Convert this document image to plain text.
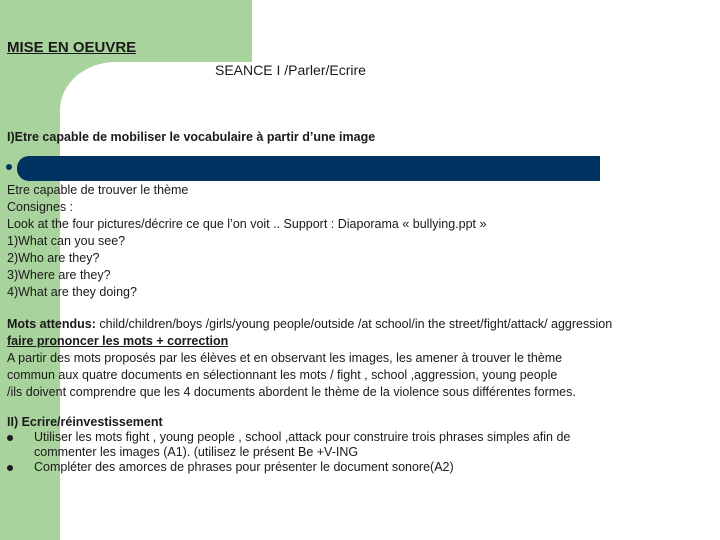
MISE EN OEUVRE
SEANCE I /Parler/Ecrire
I)Etre capable de mobiliser le vocabulaire à partir d’une image
Etre capable de trouver le thème
Consignes :
Look at the four pictures/décrire ce que l’on voit .. Support : Diaporama « bullying.ppt »
1)What can you see?
2)Who are they?
3)Where are they?
4)What are they doing?
Mots attendus: child/children/boys /girls/young people/outside /at school/in the street/fight/attack/ aggression
faire prononcer les mots + correction
A partir des mots proposés par les élèves et en observant les images, les amener à trouver le thème
commun aux quatre documents en sélectionnant les mots / fight , school ,aggression, young people
/ils doivent comprendre que les 4 documents abordent le thème de la violence sous différentes formes.
II) Ecrire/réinvestissement
Utiliser les mots fight , young people , school ,attack pour construire trois phrases simples afin de
commenter les images (A1). (utilisez le présent Be +V-ING
Compléter des amorces de phrases pour présenter le document sonore(A2)
